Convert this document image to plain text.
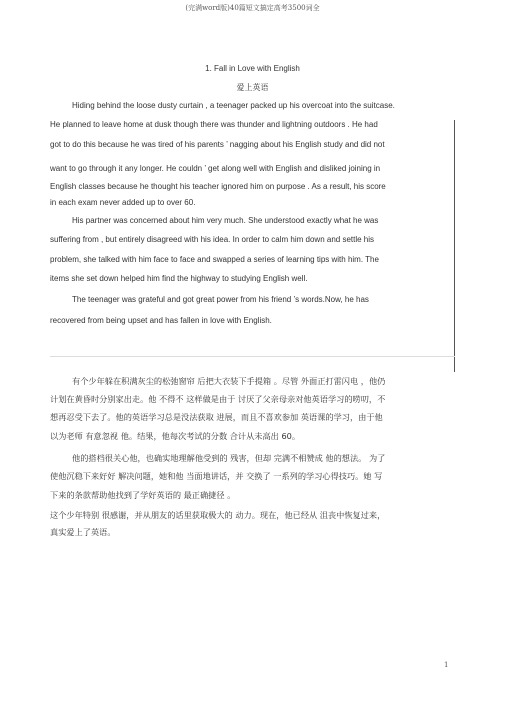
(完满word版)40篇短文搞定高考3500词全
1. Fall in Love with English
爱上英语
Hiding behind the loose dusty curtain , a teenager packed up his overcoat into the suitcase.
He planned to leave home at dusk though there was thunder and lightning outdoors . He had
got to do this because he was tired of his parents ’ nagging about his English study and did not
want to go through it any longer. He couldn ’ get along well with English and disliked joining in
English classes because he thought his teacher ignored him on purpose . As a result, his score
in each exam never added up to over 60.
His partner was concerned about him very much. She understood exactly what he was
suffering from , but entirely disagreed with his idea. In order to calm him down and settle his
problem, she talked with him face to face and swapped a series of learning tips with him. The
items she set down helped him find the highway to studying English well.
The teenager was grateful and got great power from his friend ’s words.Now, he has
recovered from being upset and has fallen in love with English.
有个少年躲在积满灰尘的松弛窗帘 后把大衣装下手提箱 。尽管 外面正打雷闪电 ，他仍
计划在黄昏时分别家出走。他 不得不 这样做是由于 讨厌了父亲母亲对他英语学习的唠叨，不
想再忍受下去了。他的英语学习总是没法获取 进展，而且不喜欢参加 英语课的学习，由于他
以为老师 有意忽视 他。结果，他每次考试的分数 合计从未高出 60。
他的搭档很关心他，也确实地理解他受到的 残害，但却 完满不相赞成 他的想法。 为了
使他沉稳下来好好 解决问题，她和他 当面地讲话，并 交换了 一系列的学习心得技巧。她 写
下来的条款帮助他找到了学好英语的 最正确捷径 。
这个少年特别 很感谢，并从朋友的话里获取极大的 动力。现在，他已经从 沮丧中恢复过来，
真实爱上了英语。
1
